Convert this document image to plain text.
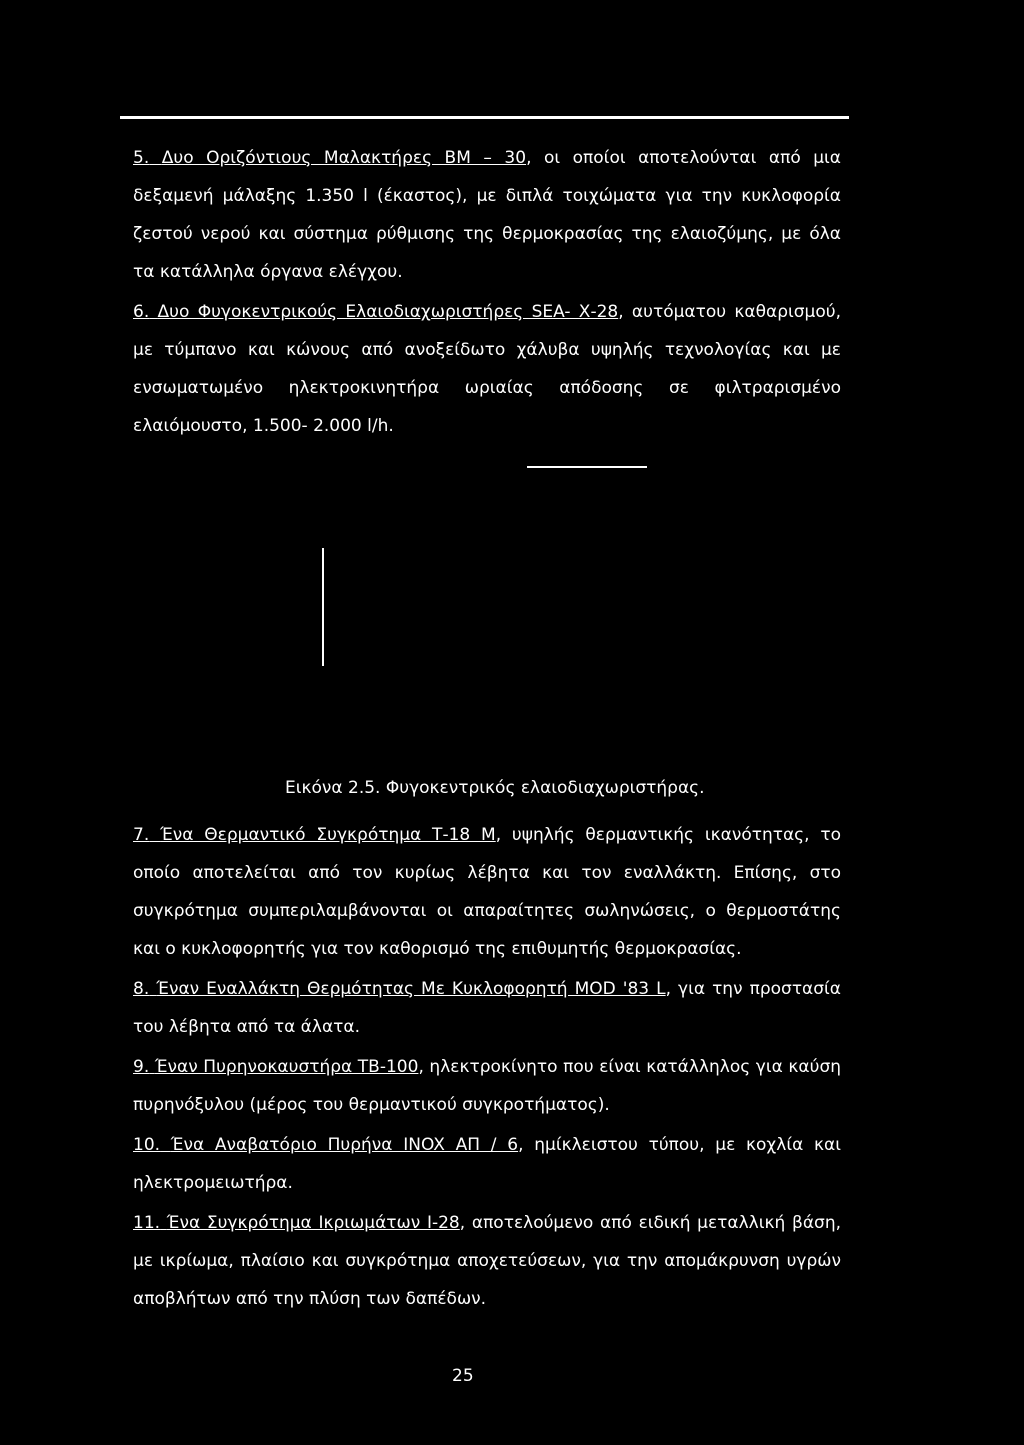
5. Δυο Οριζόντιους Μαλακτήρες ΒΜ – 30, οι οποίοι αποτελούνται από μια δεξαμενή μάλαξης 1.350 l (έκαστος), με διπλά τοιχώματα για την κυκλοφορία ζεστού νερού και σύστημα ρύθμισης της θερμοκρασίας της ελαιοζύμης, με όλα τα κατάλληλα όργανα ελέγχου.

6. Δυο Φυγοκεντρικούς Ελαιοδιαχωριστήρες SEA- Χ-28, αυτόματου καθαρισμού, με τύμπανο και κώνους από ανοξείδωτο χάλυβα υψηλής τεχνολογίας και με ενσωματωμένο ηλεκτροκινητήρα ωριαίας απόδοσης σε φιλτραρισμένο ελαιόμουστο, 1.500- 2.000 l/h.

Εικόνα 2.5. Φυγοκεντρικός ελαιοδιαχωριστήρας.

7. Ένα Θερμαντικό Συγκρότημα Τ-18 Μ, υψηλής θερμαντικής ικανότητας, το οποίο αποτελείται από τον κυρίως λέβητα και τον εναλλάκτη. Επίσης, στο συγκρότημα συμπεριλαμβάνονται οι απαραίτητες σωληνώσεις, ο θερμοστάτης και ο κυκλοφορητής για τον καθορισμό της επιθυμητής θερμοκρασίας.

8. Έναν Εναλλάκτη Θερμότητας Με Κυκλοφορητή MOD '83 L, για την προστασία του λέβητα από τα άλατα.

9. Έναν Πυρηνοκαυστήρα ΤΒ-100, ηλεκτροκίνητο που είναι κατάλληλος για καύση πυρηνόξυλου (μέρος του θερμαντικού συγκροτήματος).

10. Ένα Αναβατόριο Πυρήνα INOX ΑΠ / 6, ημίκλειστου τύπου, με κοχλία και ηλεκτρομειωτήρα.

11. Ένα Συγκρότημα Ικριωμάτων Ι-28, αποτελούμενο από ειδική μεταλλική βάση, με ικρίωμα, πλαίσιο και συγκρότημα αποχετεύσεων, για την απομάκρυνση υγρών αποβλήτων από την πλύση των δαπέδων.

25
